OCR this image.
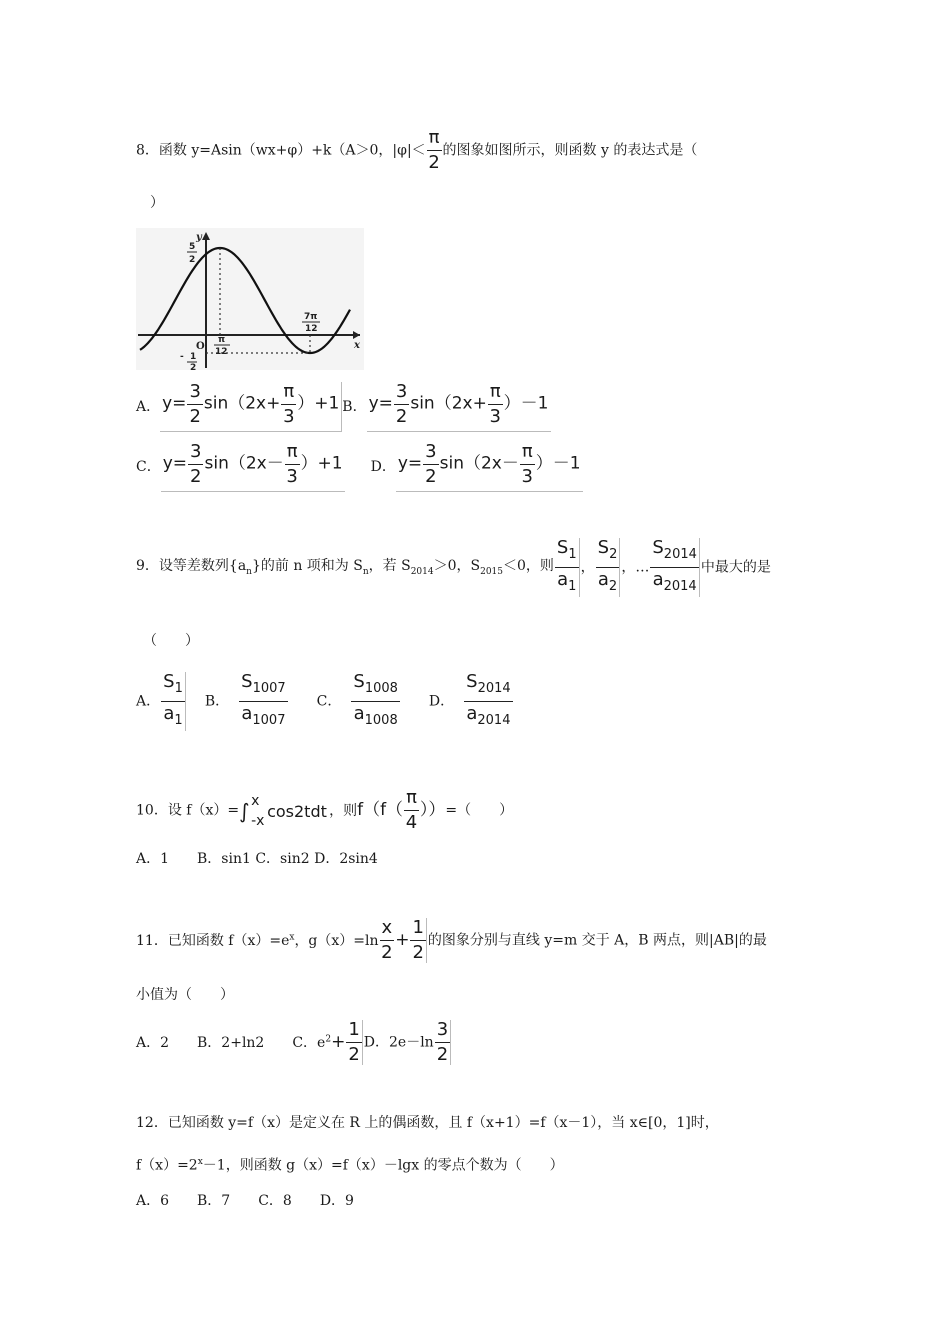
8．函数 y=Asin（wx+φ）+k（A＞0，$|\varphi|< \frac{\pi}{2}$ 的图象如图所示，则函数 y 的表达式是（
）
y
x
O
5
2
- 1
2
π
12
7π
12
A． $y= \frac{3}{2} \sin(2x+ \frac{\pi}{3} )+1$ B． $y= \frac{3}{2} \sin(2x+ \frac{\pi}{3} )-1$
C． $y= \frac{3}{2} \sin(2x- \frac{\pi}{3} )+1$ D． $y= \frac{3}{2} \sin(2x- \frac{\pi}{3} )-1$
9．设等差数列$\{a_n\}$的前 n 项和为 $S_n$，若 $S_{2014}>0$，$S_{2015}<0$，则 $\frac{S_1}{a_1}$ ， $\frac{S_2}{a_2}$ ，… $\frac{S_{2014}}{a_{2014}}$ 中最大的是
（　　）
A． $\frac{S_1}{a_1}$ B． $\frac{S_{1007}}{a_{1007}}$ C． $\frac{S_{1008}}{a_{1008}}$ D． $\frac{S_{2014}}{a_{2014}}$
10．设 f（x）= ∫ x
-x cos2tdt ，则$f(f( \frac{\pi}{4}$ ））=（　　）
A．1　　B．sin1 C．sin2 D．2sin4
11．已知函数 $f(x)=e^x$，$g(x)=\ln \frac{x}{2} + \frac{1}{2}$ 的图象分别与直线 y=m 交于 A，B 两点，则|AB|的最
小值为（　　）
A．2　　B．2+ln2　　C．$e^2+ \frac{1}{2}$ D．$2e-\ln \frac{3}{2}$
12．已知函数 y=f（x）是定义在 R 上的偶函数，且 f（x+1）=f（x－1），当 x∈[0，1]时，
$f(x)=2^x-1$，则函数 g（x）=f（x）－lgx 的零点个数为（　　）
A．6　　B．7　　C．8　　D．9
